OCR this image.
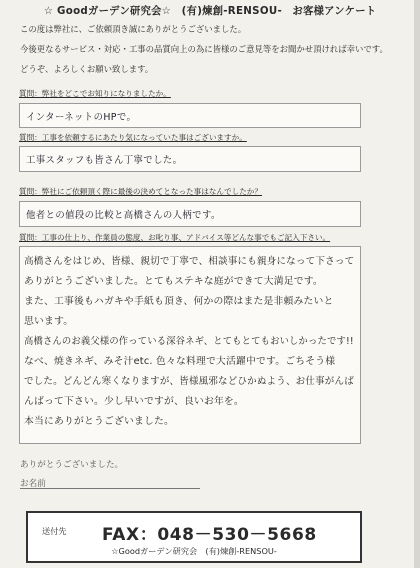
☆ Goodガーデン研究会☆　(有)煉創-RENSOU-　お客様アンケート
この度は弊社に、ご依頼頂き誠にありがとうございました。
今後更なるサービス・対応・工事の品質向上の為に皆様のご意見等をお聞かせ頂ければ幸いです。
どうぞ、よろしくお願い致します。
質問：弊社をどこでお知りになりましたか。
インターネットのHPで。
質問：工事を依頼するにあたり気になっていた事はございますか。
工事スタッフも皆さん丁寧でした。
質問：弊社にご依頼頂く際に最後の決めてとなった事はなんでしたか？
他者との値段の比較と高橋さんの人柄です。
質問：工事の仕上り、作業員の態度、お叱り事、アドバイス等どんな事でもご記入下さい。
高橋さんをはじめ、皆様、親切で丁寧で、相談事にも親身になって下さって
ありがとうございました。とてもステキな庭ができて大満足です。
また、工事後もハガキや手紙も頂き、何かの際はまた是非頼みたいと
思います。
高橋さんのお義父様の作っている深谷ネギ、とてもとてもおいしかったです!!
なべ、焼きネギ、みそ汁etc. 色々な料理で大活躍中です。ごちそう様
でした。どんどん寒くなりますが、皆様風邪などひかぬよう、お仕事がんば
んばって下さい。少し早いですが、良いお年を。
本当にありがとうございました。
ありがとうございました。
お名前
送付先 FAX：048－530－5668
☆Goodガーデン研究会　(有)煉創-RENSOU-
